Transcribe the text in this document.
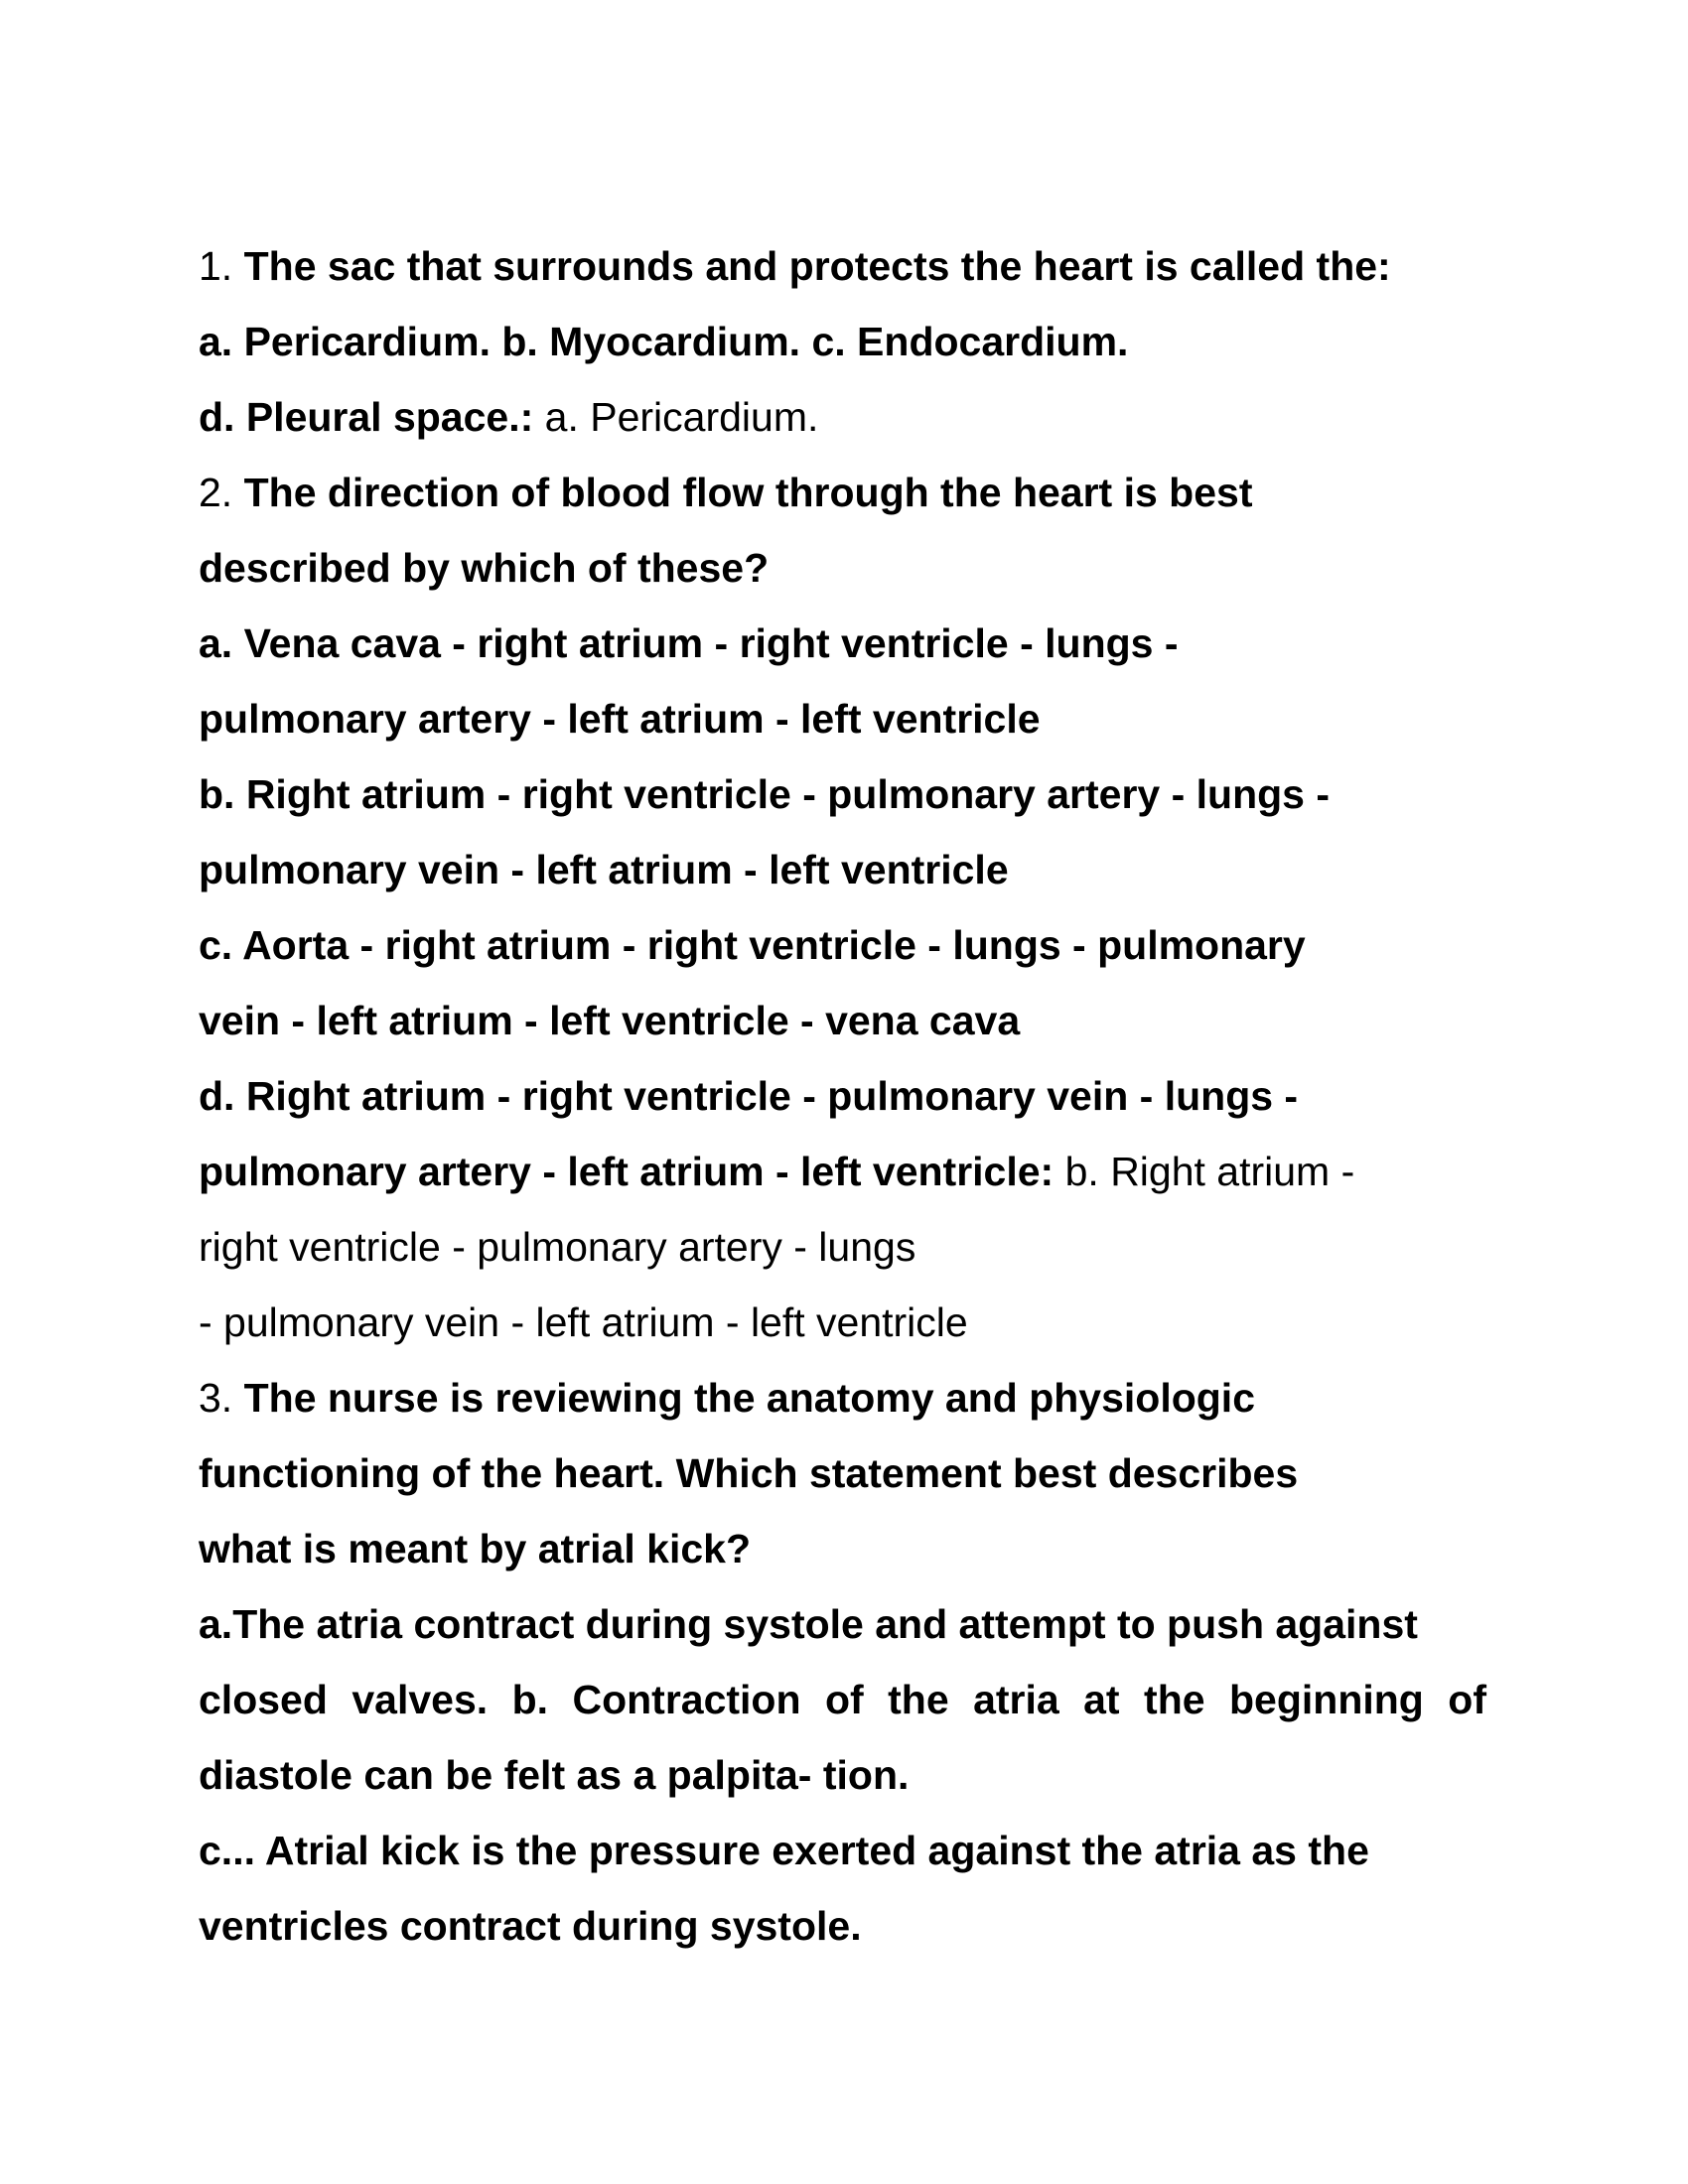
1. The sac that surrounds and protects the heart is called the:
a. Pericardium. b. Myocardium. c. Endocardium.
d. Pleural space.: a. Pericardium.
2. The direction of blood flow through the heart is best
described by which of these?
a. Vena cava - right atrium - right ventricle - lungs -
pulmonary artery - left atrium - left ventricle
b. Right atrium - right ventricle - pulmonary artery - lungs -
pulmonary vein - left atrium - left ventricle
c. Aorta - right atrium - right ventricle - lungs - pulmonary
vein - left atrium - left ventricle - vena cava
d. Right atrium - right ventricle - pulmonary vein - lungs -
pulmonary artery - left atrium - left ventricle: b. Right atrium -
right ventricle - pulmonary artery - lungs
- pulmonary vein - left atrium - left ventricle
3. The nurse is reviewing the anatomy and physiologic
functioning of the heart. Which statement best describes
what is meant by atrial kick?
a.The atria contract during systole and attempt to push against
closed valves. b. Contraction of the atria at the beginning of
diastole can be felt as a palpita- tion.
c... Atrial kick is the pressure exerted against the atria as the
ventricles contract during systole.
